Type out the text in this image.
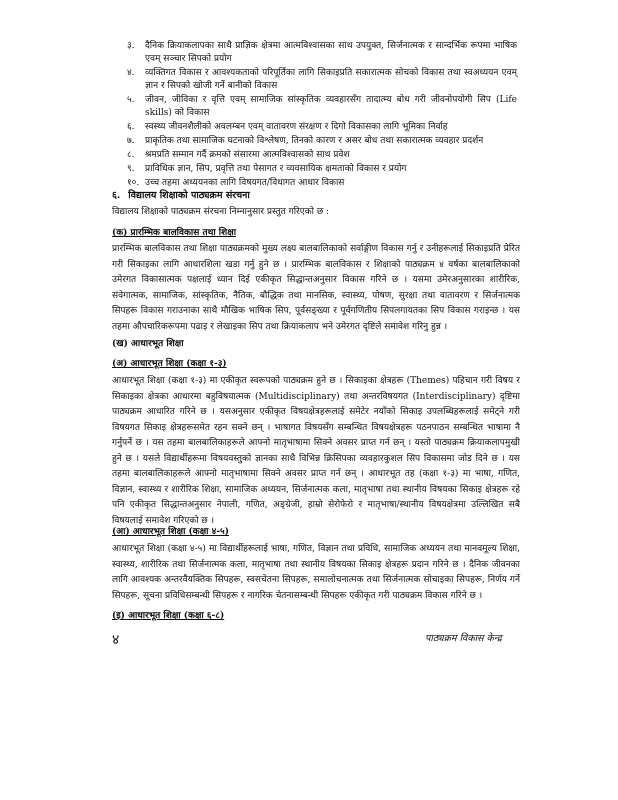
३.	दैनिक क्रियाकलापका साथै प्राज्ञिक क्षेत्रमा आत्मविश्वासका साथ उपयुक्त, सिर्जनात्मक र सान्दर्भिक रूपमा भाषिक एवम् सञ्चार सिपको प्रयोग
४.	व्यक्तिगत विकास र आवश्यकताको परिपूर्तिका लागि सिकाइप्रति सकारात्मक सोचको विकास तथा स्वअध्ययन एवम् ज्ञान र सिपको खोजी गर्ने बानीको विकास
५.	जीवन, जीविका र वृत्ति एवम् सामाजिक सांस्कृतिक व्यवहारसँग तादात्म्य बोध गरी जीवनोपयोगी सिप (Life skills) को विकास
६.	स्वस्थ्य जीवनशैलीको अवलम्बन एवम् वातावरण संरक्षण र दिगो विकासका लागि भूमिका निर्वाह
७.	प्राकृतिक तथा सामाजिक घटनाको विश्लेषण, तिनको कारण र असर बोध तथा सकारात्मक व्यवहार प्रदर्शन
८.	श्रमप्रति सम्मान गर्दै क्रमको संसारमा आत्मविश्वासको साथ प्रवेश
९.	प्राविधिक ज्ञान, सिप, प्रवृत्ति तथा पेसागत र व्यवसायिक क्षमताको विकास र प्रयोग
१०. उच्च तहमा अध्ययनका लागि विषयगत/विधागत आधार विकास
६. विद्यालय शिक्षाको पाठ्यक्रम संरचना
विद्यालय शिक्षाको पाठ्यक्रम संरचना निम्नानुसार प्रस्तुत गरिएको छ :
(क) प्रारम्भिक बालविकास तथा शिक्षा
प्रारम्भिक बालविकास तथा शिक्षा पाठ्यक्रमको मुख्य लक्ष्य बालबालिकाको सर्वाङ्गीण विकास गर्नु र उनीहरूलाई सिकाइप्रति प्रेरित गरी सिकाइका लागि आधारशिला खडा गर्नु हुने छ । प्रारम्भिक बालविकास र शिक्षाको पाठ्यक्रम ४ वर्षका बालबालिकाको उमेरगत विकासात्मक पक्षलाई ध्यान दिई एकीकृत सिद्धान्तअनुसार विकास गरिने छ । यसमा उमेरअनुसारका शारीरिक, संवेगात्मक, सामाजिक, सांस्कृतिक, नैतिक, बौद्धिक तथा मानसिक, स्वास्थ्य, पोषण, सुरक्षा तथा वातावरण र सिर्जनात्मक सिपहरू विकास गराउनाका साथै मौखिक भाषिक सिप, पूर्वसङ्ख्या र पूर्वगणितीय सिपलगायतका सिप विकास गराइन्छ । यस तहमा औपचारिकरूपमा पढाइ र लेखाइका सिप तथा क्रियाकलाप भने उमेरगत दृष्टिले समावेश गरिनु हुन्न ।
(ख) आधारभूत शिक्षा
(अ) आधारभूत शिक्षा (कक्षा १-३)
आधारभूत शिक्षा (कक्षा १-३) मा एकीकृत स्वरूपको पाठ्यक्रम हुने छ । सिकाइका क्षेत्रहरू (Themes) पहिचान गरी विषय र सिकाइका क्षेत्रका आधारमा बहुविषयात्मक (Multidisciplinary) तथा अन्तरविषयगत (Interdisciplinary) दृष्टिमा पाठ्यक्रम आधारित गरिने छ । यसअनुसार एकीकृत विषयक्षेत्रहरूलाई समेटेर नयाँको सिकाइ उपलब्धिहरूलाई समेट्ने गरी विषयगत सिकाइ क्षेत्रहरूसमेत रहन सक्ने छन् । भाषागत विषयसँग सम्बन्धित विषयक्षेत्रहरू पठनपाठन सम्बन्धित भाषामा नै गर्नुपर्ने छ । यस तहमा बालबालिकाहरूले आफ्नो मातृभाषामा सिक्ने अवसर प्राप्त गर्न छन् । यस्तो पाठ्यक्रम क्रियाकलापमुखी हुने छ । यसले विद्यार्थीहरूमा विषयवस्तुको ज्ञानका साथै विभिन्न क्रिसिपका व्यवहारकुशल सिप विकासमा जोड दिने छ । यस तहमा बालबालिकाहरूले आफ्नो मातृभाषामा सिक्ने अवसर प्राप्त गर्न छन् । आधारभूत तह (कक्षा १-३) मा भाषा, गणित, विज्ञान, स्वास्थ्य र शारीरिक शिक्षा, सामाजिक अध्ययन, सिर्जनात्मक कला, मातृभाषा तथा स्थानीय विषयका सिकाइ क्षेत्रहरू रहे पनि एकीकृत सिद्धान्तअनुसार नेपाली, गणित, अङ्ग्रेजी, हाम्रो सेरोफेरो र मातृभाषा/स्थानीय विषयक्षेत्रमा उल्लिखित सबै विषयलाई समावेश गरिएको छ ।
(आ) आधारभूत शिक्षा (कक्षा ४-५)
आधारभूत शिक्षा (कक्षा ४-५) मा विद्यार्थीहरूलाई भाषा, गणित, विज्ञान तथा प्रविधि, सामाजिक अध्ययन तथा मानवमूल्य शिक्षा, स्वास्थ्य, शारीरिक तथा सिर्जनात्मक कला, मातृभाषा तथा स्थानीय विषयका सिकाइ क्षेत्रहरू प्रदान गरिने छ । दैनिक जीवनका लागि आवश्यक अन्तरवैयक्तिक सिपहरू, स्वसचेतना सिपहरू, समालोचनात्मक तथा सिर्जनात्मक सोचाइका सिपहरू, निर्णय गर्ने सिपहरू, सूचना प्रविधिसम्बन्धी सिपहरू र नागरिक चेतनासम्बन्धी सिपहरू एकीकृत गरी पाठ्यक्रम विकास गरिने छ ।
(इ) आधारभूत शिक्षा (कक्षा ६-८)
४	पाठ्यक्रम विकास केन्द्र
